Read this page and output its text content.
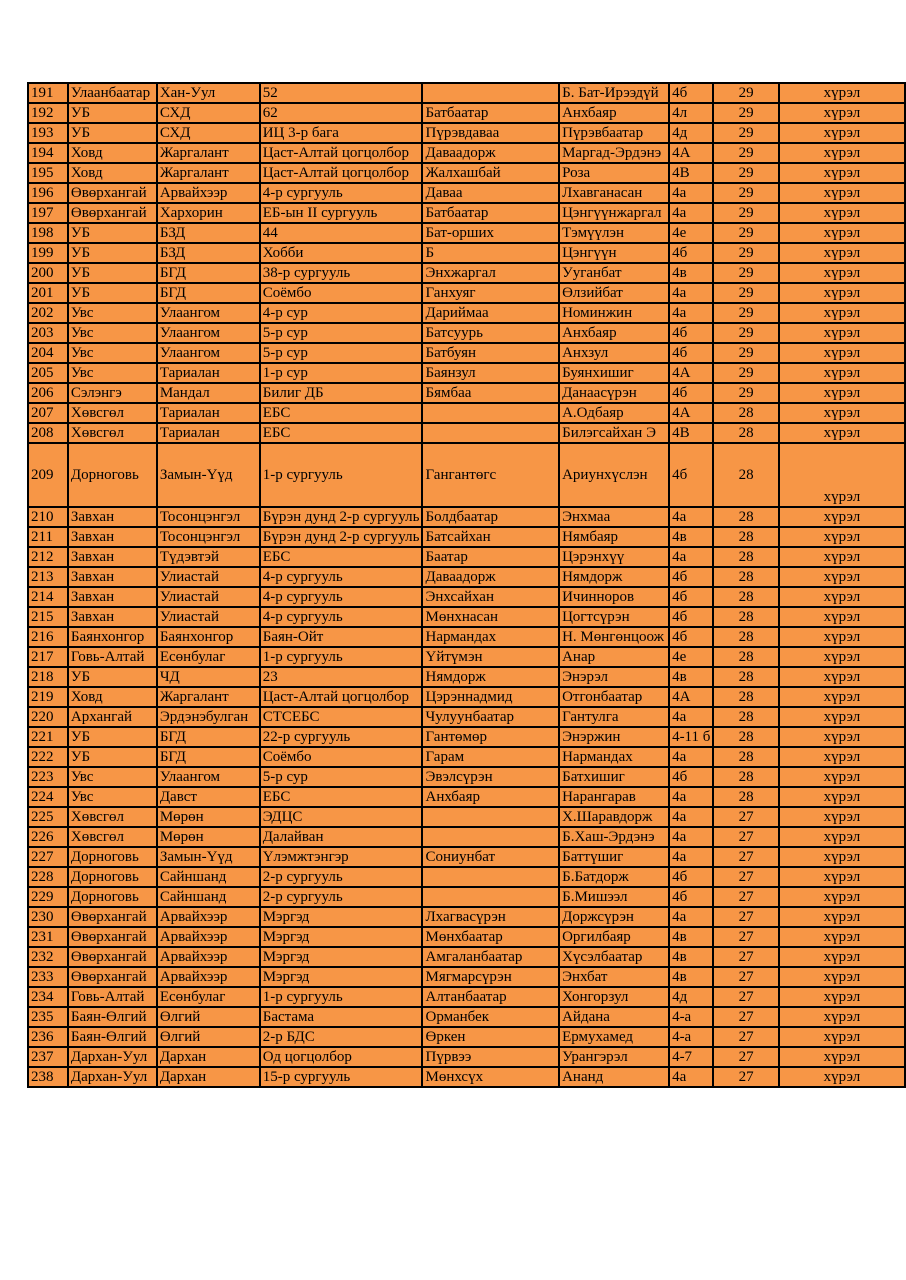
191	Улаанбаатар	Хан-Уул	52		Б. Бат-Ирээдүй	4б	29	хүрэл
192	УБ	СХД	62	Батбаатар	Анхбаяр	4л	29	хүрэл
193	УБ	СХД	ИЦ 3-р бага	Пүрэвдаваа	Пүрэвбаатар	4д	29	хүрэл
194	Ховд	Жаргалант	Цаст-Алтай цогцолбор	Даваадорж	Маргад-Эрдэнэ	4А	29	хүрэл
195	Ховд	Жаргалант	Цаст-Алтай цогцолбор	Жалхашбай	Роза	4В	29	хүрэл
196	Өвөрхангай	Арвайхээр	4-р сургууль	Даваа	Лхавганасан	4а	29	хүрэл
197	Өвөрхангай	Хархорин	ЕБ-ын II сургууль	Батбаатар	Цэнгүүнжаргал	4а	29	хүрэл
198	УБ	БЗД	44	Бат-орших	Тэмүүлэн	4е	29	хүрэл
199	УБ	БЗД	Хобби	Б	Цэнгүүн	4б	29	хүрэл
200	УБ	БГД	38-р сургууль	Энхжаргал	Ууганбат	4в	29	хүрэл
201	УБ	БГД	Соёмбо	Ганхуяг	Өлзийбат	4а	29	хүрэл
202	Увс	Улаангом	4-р сур	Дариймаа	Номинжин	4а	29	хүрэл
203	Увс	Улаангом	5-р сур	Батсуурь	Анхбаяр	4б	29	хүрэл
204	Увс	Улаангом	5-р сур	Батбуян	Анхзул	4б	29	хүрэл
205	Увс	Тариалан	1-р сур	Баянзул	Буянхишиг	4А	29	хүрэл
206	Сэлэнгэ	Мандал	Билиг ДБ	Бямбаа	Данаасүрэн	4б	29	хүрэл
207	Хөвсгөл	Тариалан	ЕБС		А.Одбаяр	4А	28	хүрэл
208	Хөвсгөл	Тариалан	ЕБС		Билэгсайхан Э	4В	28	хүрэл
209	Дорноговь	Замын-Үүд	1-р сургууль	Гангантөгс	Ариунхүслэн	4б	28	хүрэл
210	Завхан	Тосонцэнгэл	Бүрэн дунд 2-р сургууль	Болдбаатар	Энхмаа	4а	28	хүрэл
211	Завхан	Тосонцэнгэл	Бүрэн дунд 2-р сургууль	Батсайхан	Нямбаяр	4в	28	хүрэл
212	Завхан	Түдэвтэй	ЕБС	Баатар	Цэрэнхүү	4а	28	хүрэл
213	Завхан	Улиастай	4-р сургууль	Даваадорж	Нямдорж	4б	28	хүрэл
214	Завхан	Улиастай	4-р сургууль	Энхсайхан	Ичинноров	4б	28	хүрэл
215	Завхан	Улиастай	4-р сургууль	Мөнхнасан	Цогтсүрэн	4б	28	хүрэл
216	Баянхонгор	Баянхонгор	Баян-Ойт	Нармандах	Н. Мөнгөнцоож	4б	28	хүрэл
217	Говь-Алтай	Есөнбулаг	1-р сургууль	Үйтүмэн	Анар	4е	28	хүрэл
218	УБ	ЧД	23	Нямдорж	Энэрэл	4в	28	хүрэл
219	Ховд	Жаргалант	Цаст-Алтай цогцолбор	Цэрэннадмид	Отгонбаатар	4А	28	хүрэл
220	Архангай	Эрдэнэбулган	СТСЕБС	Чулуунбаатар	Гантулга	4а	28	хүрэл
221	УБ	БГД	22-р сургууль	Гантөмөр	Энэржин	4-11 б	28	хүрэл
222	УБ	БГД	Соёмбо	Гарам	Нармандах	4а	28	хүрэл
223	Увс	Улаангом	5-р сур	Эвэлсүрэн	Батхишиг	4б	28	хүрэл
224	Увс	Давст	ЕБС	Анхбаяр	Нарангарав	4а	28	хүрэл
225	Хөвсгөл	Мөрөн	ЭДЦС		Х.Шаравдорж	4а	27	хүрэл
226	Хөвсгөл	Мөрөн	Далайван		Б.Хаш-Эрдэнэ	4а	27	хүрэл
227	Дорноговь	Замын-Үүд	Үлэмжтэнгэр	Сониунбат	Баттүшиг	4а	27	хүрэл
228	Дорноговь	Сайншанд	2-р сургууль		Б.Батдорж	4б	27	хүрэл
229	Дорноговь	Сайншанд	2-р сургууль		Б.Мишээл	4б	27	хүрэл
230	Өвөрхангай	Арвайхээр	Мэргэд	Лхагвасүрэн	Доржсүрэн	4а	27	хүрэл
231	Өвөрхангай	Арвайхээр	Мэргэд	Мөнхбаатар	Оргилбаяр	4в	27	хүрэл
232	Өвөрхангай	Арвайхээр	Мэргэд	Амгаланбаатар	Хүсэлбаатар	4в	27	хүрэл
233	Өвөрхангай	Арвайхээр	Мэргэд	Мягмарсүрэн	Энхбат	4в	27	хүрэл
234	Говь-Алтай	Есөнбулаг	1-р сургууль	Алтанбаатар	Хонгорзул	4д	27	хүрэл
235	Баян-Өлгий	Өлгий	Бастама	Орманбек	Айдана	4-а	27	хүрэл
236	Баян-Өлгий	Өлгий	2-р БДС	Өркен	Ермухамед	4-а	27	хүрэл
237	Дархан-Уул	Дархан	Од цогцолбор	Пүрвээ	Урангэрэл	4-7	27	хүрэл
238	Дархан-Уул	Дархан	15-р сургууль	Мөнхсүх	Ананд	4а	27	хүрэл
